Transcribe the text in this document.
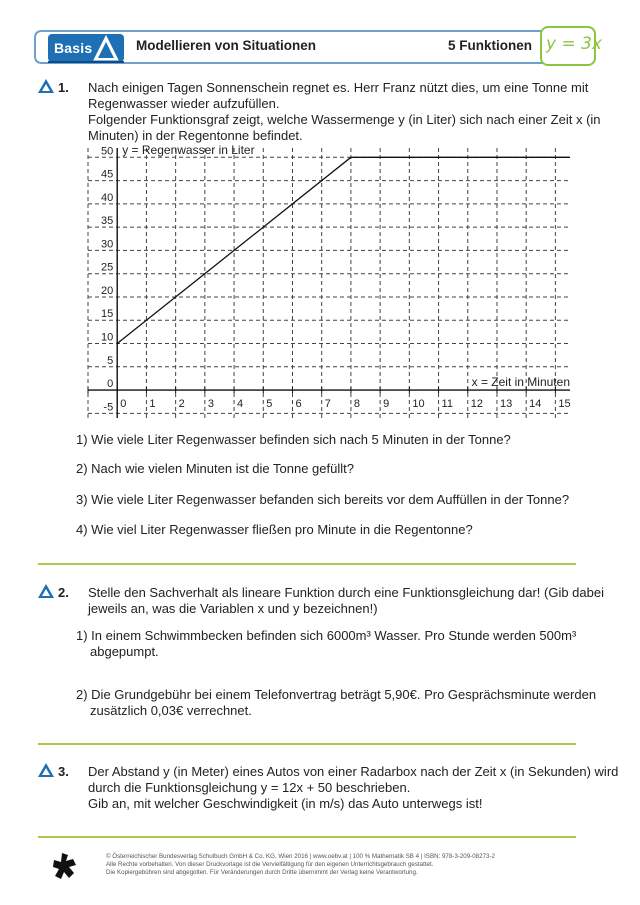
Basis	Modellieren von Situationen	5 Funktionen y = 3x
1. Nach einigen Tagen Sonnenschein regnet es. Herr Franz nützt dies, um eine Tonne mit
Regenwasser wieder aufzufüllen.
Folgender Funktionsgraf zeigt, welche Wassermenge y (in Liter) sich nach einer Zeit x (in
Minuten) in der Regentonne befindet.
0 1 2 3 4 5 6 7 8 9 10 11 12 13 14 15
-5
0
5
10
15
20
25
30
35
40
45
50 y = Regenwasser in Liter
x = Zeit in Minuten
1) Wie viele Liter Regenwasser befinden sich nach 5 Minuten in der Tonne?
2) Nach wie vielen Minuten ist die Tonne gefüllt?
3) Wie viele Liter Regenwasser befanden sich bereits vor dem Auffüllen in der Tonne?
4) Wie viel Liter Regenwasser fließen pro Minute in die Regentonne?
2. Stelle den Sachverhalt als lineare Funktion durch eine Funktionsgleichung dar! (Gib dabei
jeweils an, was die Variablen x und y bezeichnen!)
1) In einem Schwimmbecken befinden sich 6000m³ Wasser. Pro Stunde werden 500m³
abgepumpt.
2) Die Grundgebühr bei einem Telefonvertrag beträgt 5,90€. Pro Gesprächsminute werden
zusätzlich 0,03€ verrechnet.
3. Der Abstand y (in Meter) eines Autos von einer Radarbox nach der Zeit x (in Sekunden) wird
durch die Funktionsgleichung y = 12x + 50 beschrieben.
Gib an, mit welcher Geschwindigkeit (in m/s) das Auto unterwegs ist!
© Österreichischer Bundesverlag Schulbuch GmbH & Co. KG, Wien 2016 | www.oebv.at | 100 % Mathematik SB 4 | ISBN: 978-3-209-08273-2
Alle Rechte vorbehalten. Von dieser Druckvorlage ist die Vervielfältigung für den eigenen Unterrichtsgebrauch gestattet.
Die Kopiergebühren sind abgegolten. Für Veränderungen durch Dritte übernimmt der Verlag keine Verantwortung.
